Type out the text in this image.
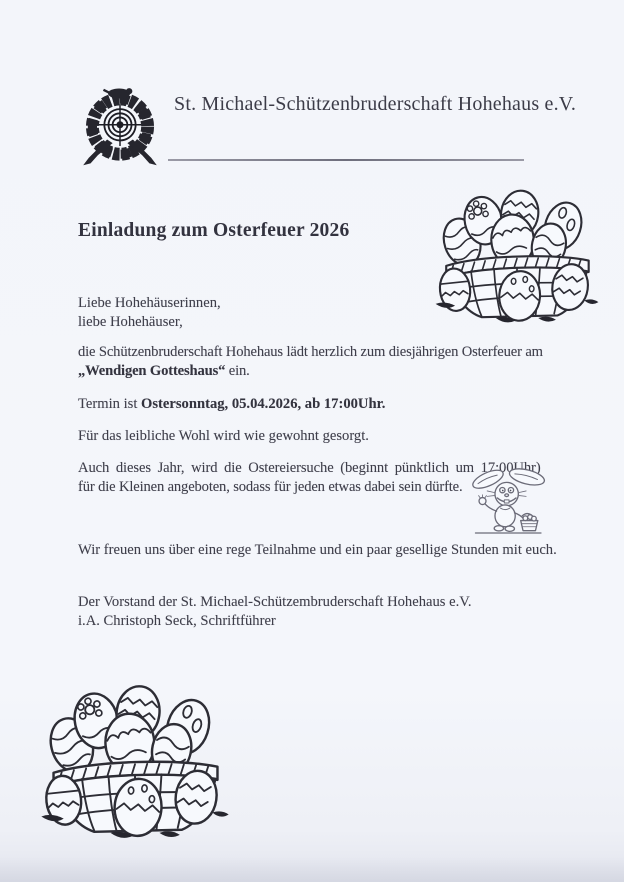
St. Michael-Schützenbruderschaft Hohehaus e.V.
Einladung zum Osterfeuer 2026
Liebe Hohehäuserinnen,
liebe Hohehäuser,
die Schützenbruderschaft Hohehaus lädt herzlich zum diesjährigen Osterfeuer am
„Wendigen Gotteshaus“ ein.
Termin ist Ostersonntag, 05.04.2026, ab 17:00Uhr.
Für das leibliche Wohl wird wie gewohnt gesorgt.
Auch dieses Jahr, wird die Ostereiersuche (beginnt pünktlich um 17:00Uhr)
für die Kleinen angeboten, sodass für jeden etwas dabei sein dürfte.
Wir freuen uns über eine rege Teilnahme und ein paar gesellige Stunden mit euch.
Der Vorstand der St. Michael-Schützembruderschaft Hohehaus e.V.
i.A. Christoph Seck, Schriftführer
